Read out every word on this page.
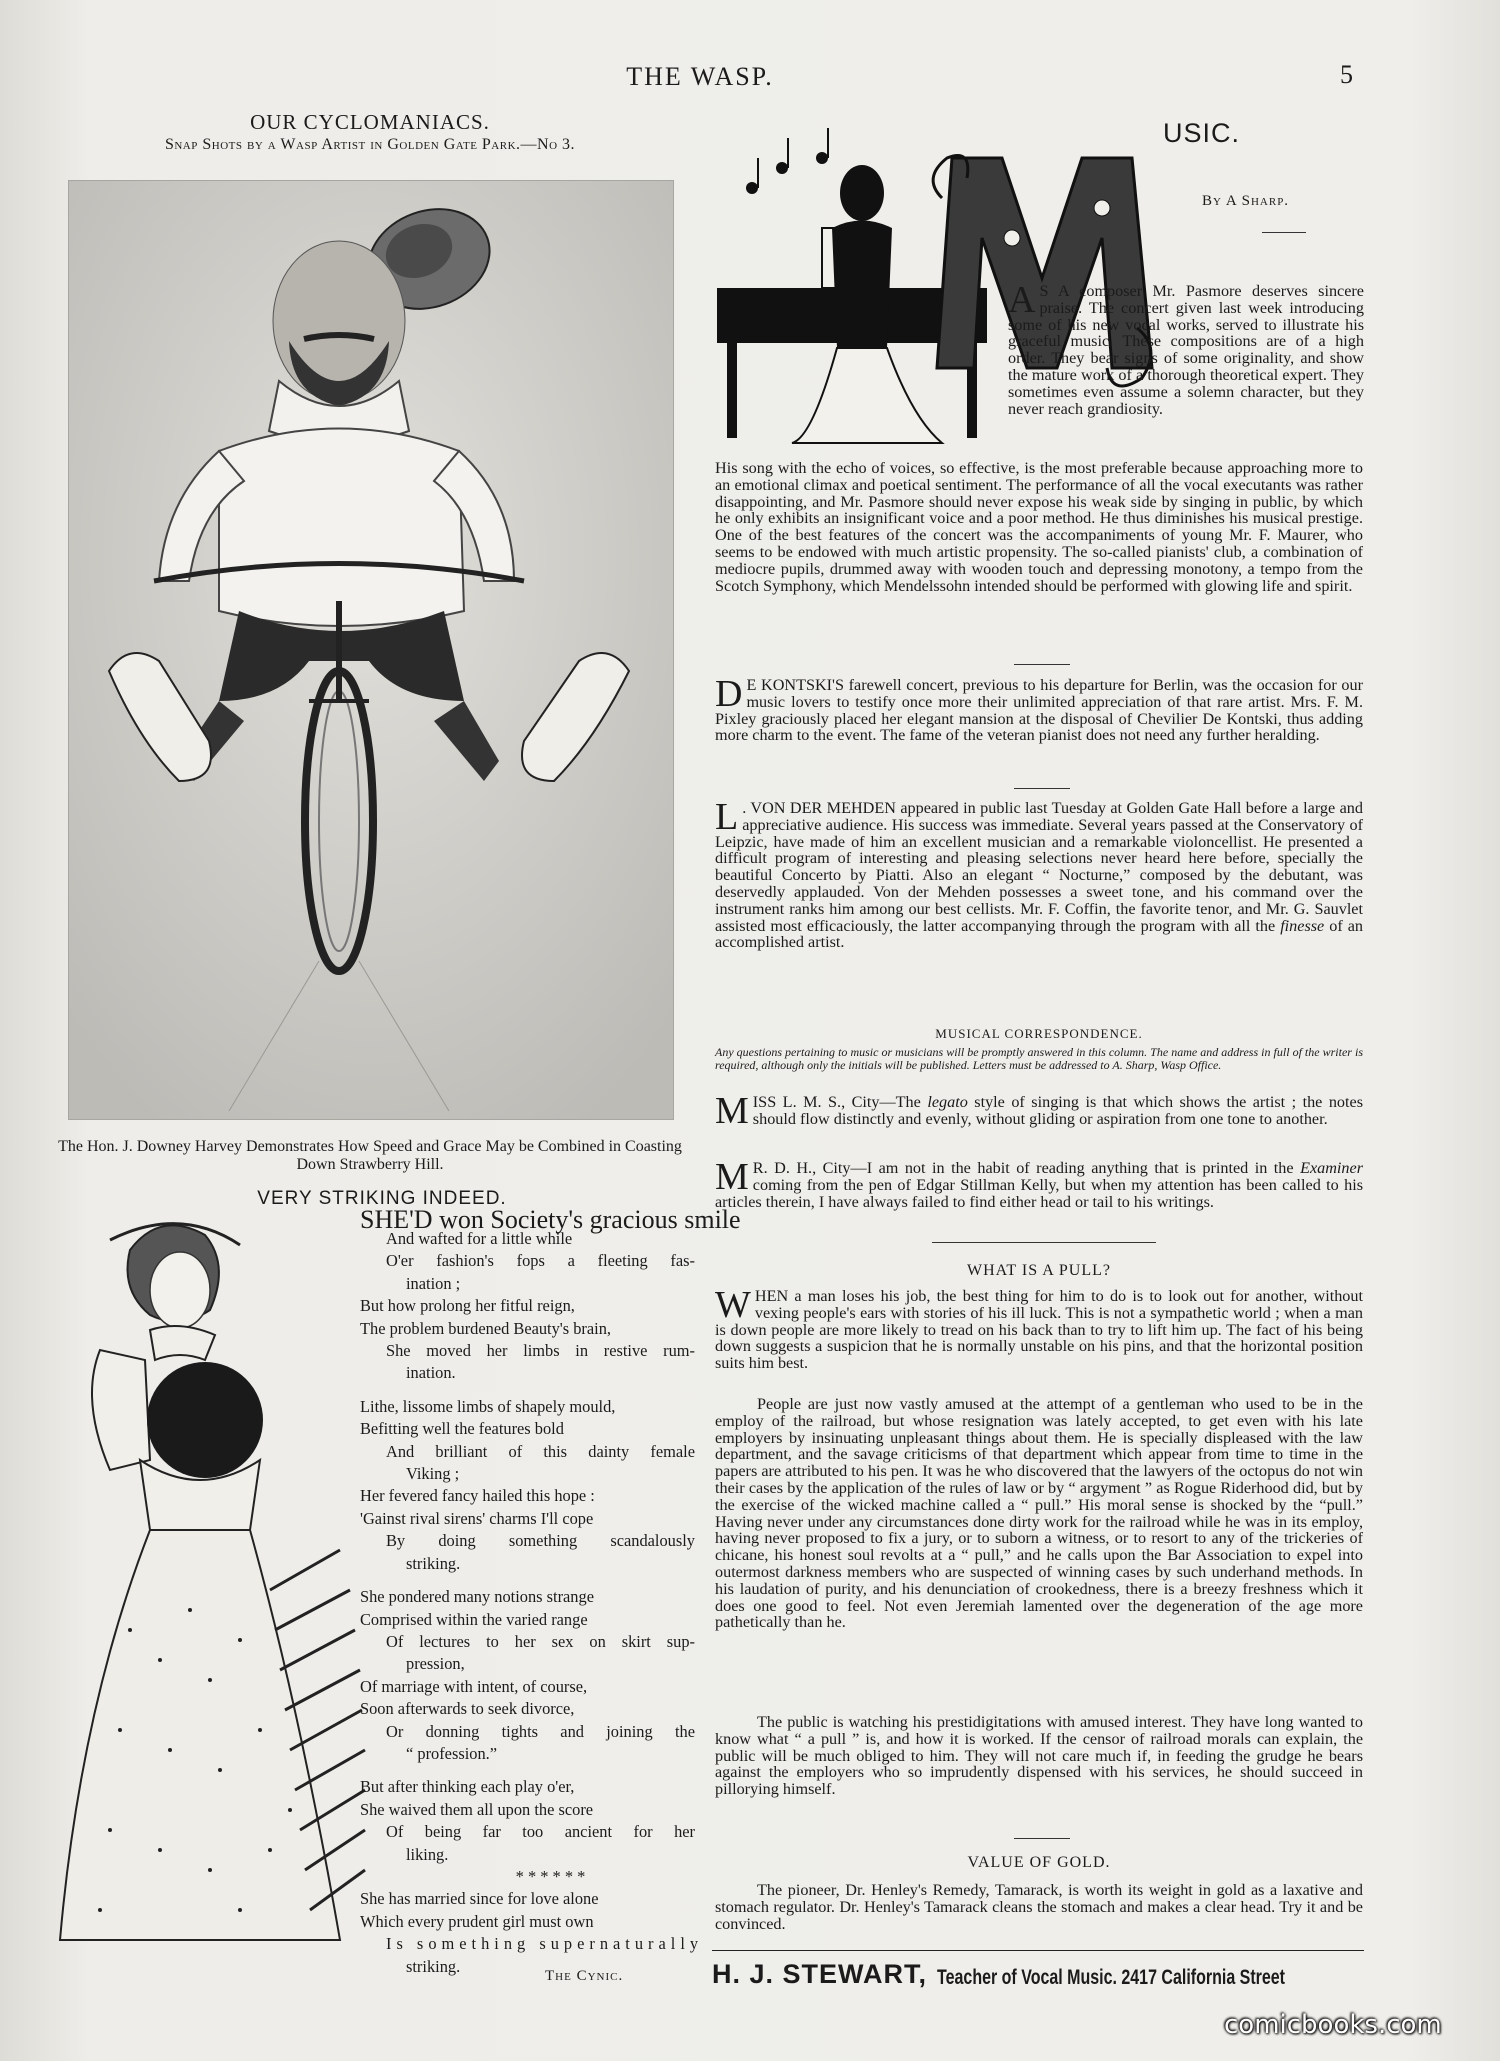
THE WASP.	5
OUR CYCLOMANIACS.
Snap Shots by a Wasp Artist in Golden Gate Park.—No 3.
The Hon. J. Downey Harvey Demonstrates How Speed and Grace May be Combined in Coasting Down Strawberry Hill.
VERY STRIKING INDEED.
SHE'D won Society's gracious smile
And wafted for a little while
O'er fashion's fops a fleeting fas-
ination ;
But how prolong her fitful reign,
The problem burdened Beauty's brain,
She moved her limbs in restive rum-
ination.
Lithe, lissome limbs of shapely mould,
Befitting well the features bold
And brilliant of this dainty female
Viking ;
Her fevered fancy hailed this hope :
'Gainst rival sirens' charms I'll cope
By doing something scandalously
striking.
She pondered many notions strange
Comprised within the varied range
Of lectures to her sex on skirt sup-
pression,
Of marriage with intent, of course,
Soon afterwards to seek divorce,
Or donning tights and joining the
“ profession.”
But after thinking each play o'er,
She waived them all upon the score
Of being far too ancient for her
liking.
* * * * * *
She has married since for love alone
Which every prudent girl must own
Is something supernaturally
striking.
The Cynic.
USIC.
By A Sharp.
A S A composer Mr. Pasmore deserves sincere praise. The concert given last week introducing some of his new vocal works, served to illustrate his graceful music. These compositions are of a high order. They bear signs of some originality, and show the mature work of a thorough theoretical expert. They sometimes even assume a solemn character, but they never reach grandiosity.
His song with the echo of voices, so effective, is the most preferable because approaching more to an emotional climax and poetical sentiment. The performance of all the vocal executants was rather disappointing, and Mr. Pasmore should never expose his weak side by singing in public, by which he only exhibits an insignificant voice and a poor method. He thus diminishes his musical prestige. One of the best features of the concert was the accompaniments of young Mr. F. Maurer, who seems to be endowed with much artistic propensity. The so-called pianists' club, a combination of mediocre pupils, drummed away with wooden touch and depressing monotony, a tempo from the Scotch Symphony, which Mendelssohn intended should be performed with glowing life and spirit.
D E KONTSKI'S farewell concert, previous to his departure for Berlin, was the occasion for our music lovers to testify once more their unlimited appreciation of that rare artist. Mrs. F. M. Pixley graciously placed her elegant mansion at the disposal of Chevilier De Kontski, thus adding more charm to the event. The fame of the veteran pianist does not need any further heralding.
L . VON DER MEHDEN appeared in public last Tuesday at Golden Gate Hall before a large and appreciative audience. His success was immediate. Several years passed at the Conservatory of Leipzic, have made of him an excellent musician and a remarkable violoncellist. He presented a difficult program of interesting and pleasing selections never heard here before, specially the beautiful Concerto by Piatti. Also an elegant “ Nocturne,” composed by the debutant, was deservedly applauded. Von der Mehden possesses a sweet tone, and his command over the instrument ranks him among our best cellists. Mr. F. Coffin, the favorite tenor, and Mr. G. Sauvlet assisted most efficaciously, the latter accompanying through the program with all the finesse of an accomplished artist.
MUSICAL CORRESPONDENCE.
Any questions pertaining to music or musicians will be promptly answered in this column. The name and address in full of the writer is required, although only the initials will be published. Letters must be addressed to A. Sharp, Wasp Office.
MISS L. M. S., City—The legato style of singing is that which shows the artist ; the notes should flow distinctly and evenly, without gliding or aspiration from one tone to another.
M R. D. H., City—I am not in the habit of reading anything that is printed in the Examiner coming from the pen of Edgar Stillman Kelly, but when my attention has been called to his articles therein, I have always failed to find either head or tail to his writings.
WHAT IS A PULL?
WHEN a man loses his job, the best thing for him to do is to look out for another, without vexing people's ears with stories of his ill luck. This is not a sympathetic world ; when a man is down people are more likely to tread on his back than to try to lift him up. The fact of his being down suggests a suspicion that he is normally unstable on his pins, and that the horizontal position suits him best.
People are just now vastly amused at the attempt of a gentleman who used to be in the employ of the railroad, but whose resignation was lately accepted, to get even with his late employers by insinuating unpleasant things about them. He is specially displeased with the law department, and the savage criticisms of that department which appear from time to time in the papers are attributed to his pen. It was he who discovered that the lawyers of the octopus do not win their cases by the application of the rules of law or by “ argyment ” as Rogue Riderhood did, but by the exercise of the wicked machine called a “ pull.” His moral sense is shocked by the “pull.” Having never under any circumstances done dirty work for the railroad while he was in its employ, having never proposed to fix a jury, or to suborn a witness, or to resort to any of the trickeries of chicane, his honest soul revolts at a “ pull,” and he calls upon the Bar Association to expel into outermost darkness members who are suspected of winning cases by such underhand methods. In his laudation of purity, and his denunciation of crookedness, there is a breezy freshness which it does one good to feel. Not even Jeremiah lamented over the degeneration of the age more pathetically than he.
The public is watching his prestidigitations with amused interest. They have long wanted to know what “ a pull ” is, and how it is worked. If the censor of railroad morals can explain, the public will be much obliged to him. They will not care much if, in feeding the grudge he bears against the employers who so imprudently dispensed with his services, he should succeed in pillorying himself.
VALUE OF GOLD.
The pioneer, Dr. Henley's Remedy, Tamarack, is worth its weight in gold as a laxative and stomach regulator. Dr. Henley's Tamarack cleans the stomach and makes a clear head. Try it and be convinced.
H. J. STEWART, Teacher of Vocal Music. 2417 California Street
comicbooks.com
